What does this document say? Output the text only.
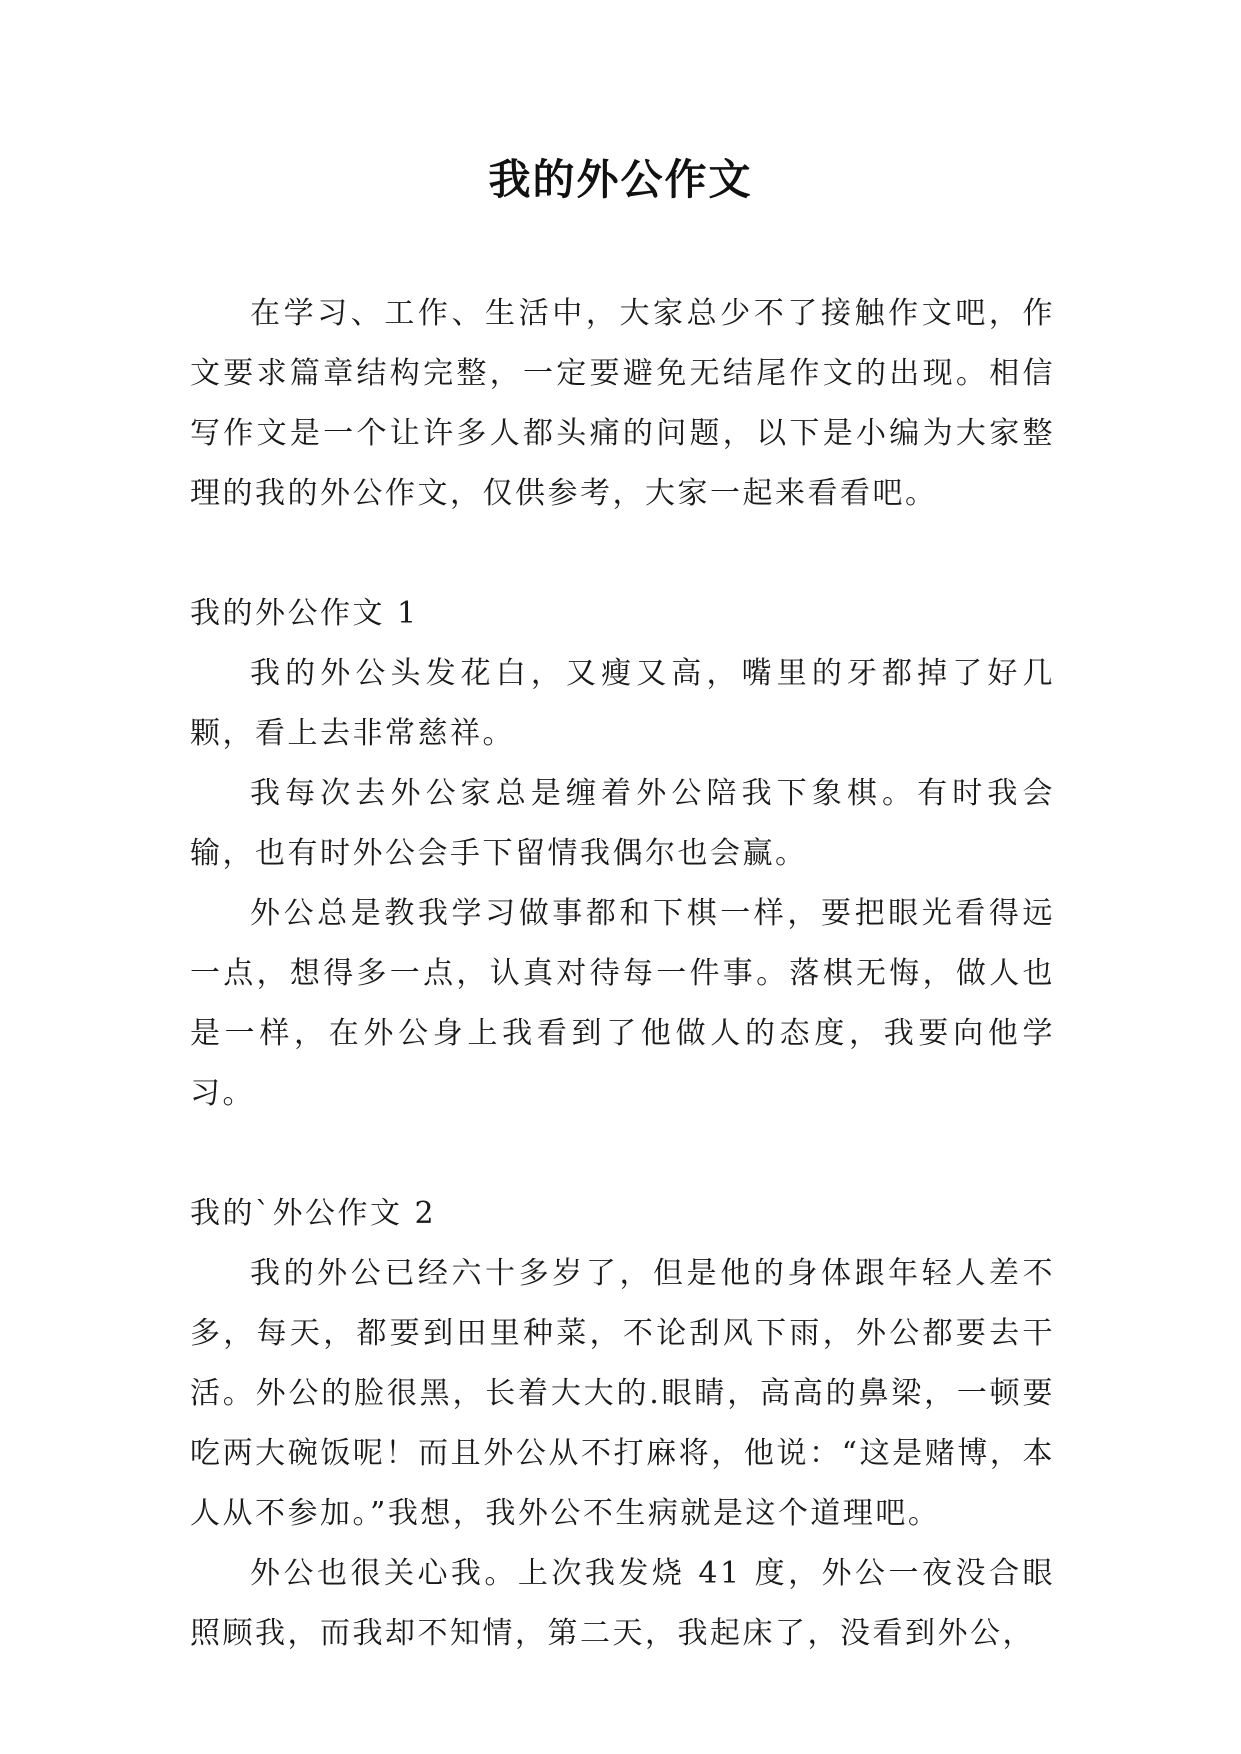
我的外公作文

在学习、工作、生活中，大家总少不了接触作文吧，作文要求篇章结构完整，一定要避免无结尾作文的出现。相信写作文是一个让许多人都头痛的问题，以下是小编为大家整理的我的外公作文，仅供参考，大家一起来看看吧。

我的外公作文 1

我的外公头发花白，又瘦又高，嘴里的牙都掉了好几颗，看上去非常慈祥。

我每次去外公家总是缠着外公陪我下象棋。有时我会输，也有时外公会手下留情我偶尔也会赢。

外公总是教我学习做事都和下棋一样，要把眼光看得远一点，想得多一点，认真对待每一件事。落棋无悔，做人也是一样，在外公身上我看到了他做人的态度，我要向他学习。

我的`外公作文 2

我的外公已经六十多岁了，但是他的身体跟年轻人差不多，每天，都要到田里种菜，不论刮风下雨，外公都要去干活。外公的脸很黑，长着大大的.眼睛，高高的鼻梁，一顿要吃两大碗饭呢！而且外公从不打麻将，他说：“这是赌博，本人从不参加。”我想，我外公不生病就是这个道理吧。

外公也很关心我。上次我发烧 41 度，外公一夜没合眼照顾我，而我却不知情，第二天，我起床了，没看到外公，
